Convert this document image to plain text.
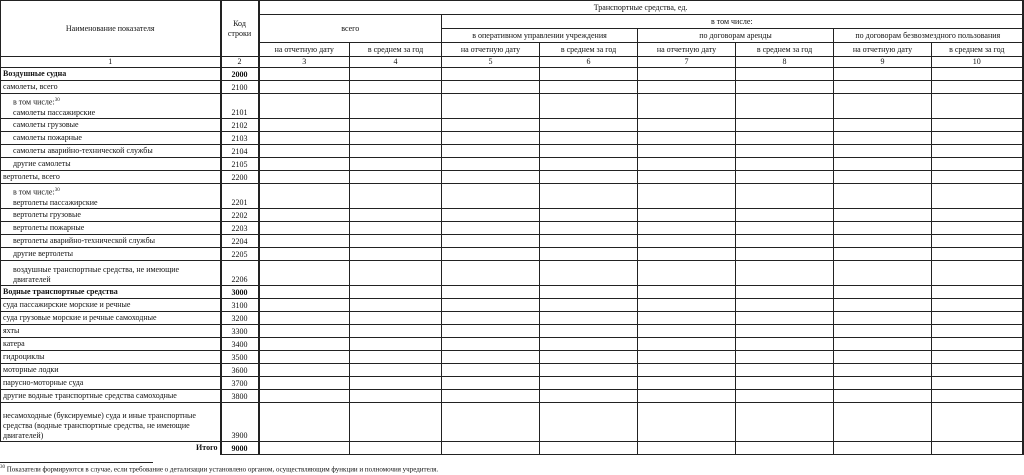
Наименование показателя	Код строки	Транспортные средства, ед.							
		всего		в том числе:					
				в оперативном управлении учреждения		по договорам аренды		по договорам безвозмездного пользования	
		на отчетную дату	в среднем за год	на отчетную дату	в среднем за год	на отчетную дату	в среднем за год	на отчетную дату	в среднем за год
1	2	3	4	5	6	7	8	9	10
Воздушные судна	2000								
самолеты, всего	2100								

в том числе:$^{30}$
самолеты пассажирские	2101								
самолеты грузовые	2102								
самолеты пожарные	2103								
самолеты аварийно-технической службы	2104								
другие самолеты	2105								
вертолеты, всего	2200								

в том числе:$^{30}$
вертолеты пассажирские	2201								
вертолеты грузовые	2202								
вертолеты пожарные	2203								
вертолеты аварийно-технической службы	2204								
другие вертолеты	2205								

воздушные транспортные средства, не имеющие
двигателей	2206								
Водные транспортные средства	3000								
суда пассажирские морские и речные	3100								
суда грузовые морские и речные самоходные	3200								
яхты	3300								
катера	3400								
гидроциклы	3500								
моторные лодки	3600								
парусно-моторные суда	3700								
другие водные транспортные средства самоходные	3800								

несамоходные (буксируемые) суда и иные транспортные
средства (водные транспортные средства, не имеющие
двигателей)	3900								
Итого	9000								
$^{30}$ Показатели формируются в случае, если требование о детализации установлено органом, осуществляющим функции и полномочия учредителя.
